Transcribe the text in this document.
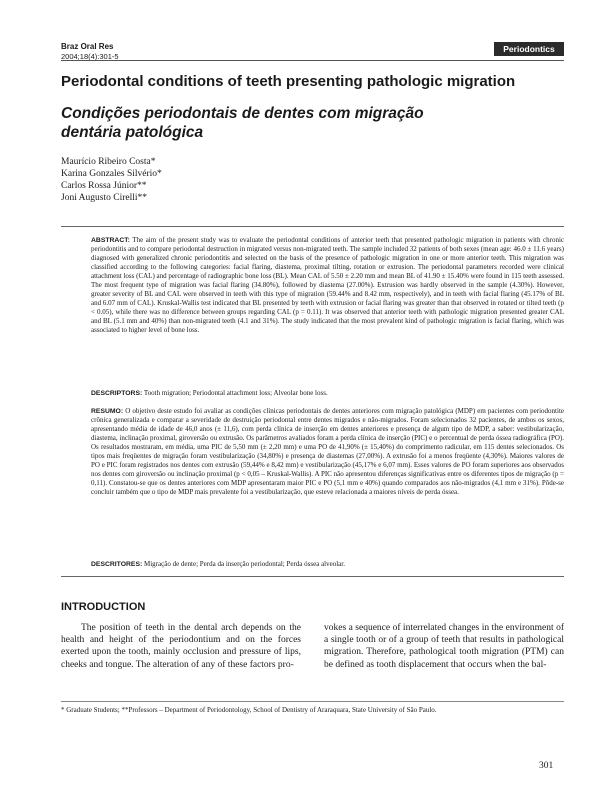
Braz Oral Res
2004;18(4):301-5
Periodontics
Periodontal conditions of teeth presenting pathologic migration
Condições periodontais de dentes com migração
dentária patológica
Maurício Ribeiro Costa*
Karina Gonzales Silvério*
Carlos Rossa Júnior**
Joni Augusto Cirelli**

ABSTRACT: The aim of the present study was to evaluate the periodontal conditions of anterior teeth that presented pathologic migration in patients with chronic periodontitis and to compare periodontal destruction in migrated versus non-migrated teeth. The sample included 32 patients of both sexes (mean age: 46.0 ± 11.6 years) diagnosed with generalized chronic periodontitis and selected on the basis of the presence of pathologic migration in one or more anterior teeth. This migration was classified according to the following categories: facial flaring, diastema, proximal tilting, rotation or extrusion. The periodontal parameters recorded were clinical attachment loss (CAL) and percentage of radiographic bone loss (BL). Mean CAL of 5.50 ± 2.20 mm and mean BL of 41.90 ± 15.40% were found in 115 teeth assessed. The most frequent type of migration was facial flaring (34.80%), followed by diastema (27.00%). Extrusion was hardly observed in the sample (4.30%). However, greater severity of BL and CAL were observed in teeth with this type of migration (59.44% and 8.42 mm, respectively), and in teeth with facial flaring (45.17% of BL and 6.07 mm of CAL). Kruskal-Wallis test indicated that BL presented by teeth with extrusion or facial flaring was greater than that observed in rotated or tilted teeth (p < 0.05), while there was no difference between groups regarding CAL (p = 0.11). It was observed that anterior teeth with pathologic migration presented greater CAL and BL (5.1 mm and 40%) than non-migrated teeth (4.1 and 31%). The study indicated that the most prevalent kind of pathologic migration is facial flaring, which was associated to higher level of bone loss.

DESCRIPTORS: Tooth migration; Periodontal attachment loss; Alveolar bone loss.

RESUMO: O objetivo deste estudo foi avaliar as condições clínicas periodontais de dentes anteriores com migração patológica (MDP) em pacientes com periodontite crônica generalizada e comparar a severidade de destruição periodontal entre dentes migrados e não-migrados. Foram selecionados 32 pacientes, de ambos os sexos, apresentando média de idade de 46,0 anos (± 11,6), com perda clínica de inserção em dentes anteriores e presença de algum tipo de MDP, a saber: vestibularização, diastema, inclinação proximal, giroversão ou extrusão. Os parâmetros avaliados foram a perda clínica de inserção (PIC) e o percentual de perda óssea radiográfica (PO). Os resultados mostraram, em média, uma PIC de 5,50 mm (± 2,20 mm) e uma PO de 41,90% (± 15,40%) do comprimento radicular, em 115 dentes selecionados. Os tipos mais freqüentes de migração foram vestibularização (34,80%) e presença de diastemas (27,00%). A extrusão foi a menos freqüente (4,30%). Maiores valores de PO e PIC foram registrados nos dentes com extrusão (59,44% e 8,42 mm) e vestibularização (45,17% e 6,07 mm). Esses valores de PO foram superiores aos observados nos dentes com giroversão ou inclinação proximal (p < 0,05 – Kruskal-Wallis). A PIC não apresentou diferenças significativas entre os diferentes tipos de migração (p = 0,11). Constatou-se que os dentes anteriores com MDP apresentaram maior PIC e PO (5,1 mm e 40%) quando comparados aos não-migrados (4,1 mm e 31%). Pôde-se concluir também que o tipo de MDP mais prevalente foi a vestibularização, que esteve relacionada a maiores níveis de perda óssea.

DESCRITORES: Migração de dente; Perda da inserção periodontal; Perda óssea alveolar.

INTRODUCTION

The position of teeth in the dental arch depends on the health and height of the periodontium and on the forces exerted upon the tooth, mainly occlusion and pressure of lips, cheeks and tongue. The alteration of any of these factors pro-

vokes a sequence of interrelated changes in the environment of a single tooth or of a group of teeth that results in pathological migration. Therefore, pathological tooth migration (PTM) can be defined as tooth displacement that occurs when the bal-

* Graduate Students; **Professors – Department of Periodontology, School of Dentistry of Araraquara, State University of São Paulo.

301
